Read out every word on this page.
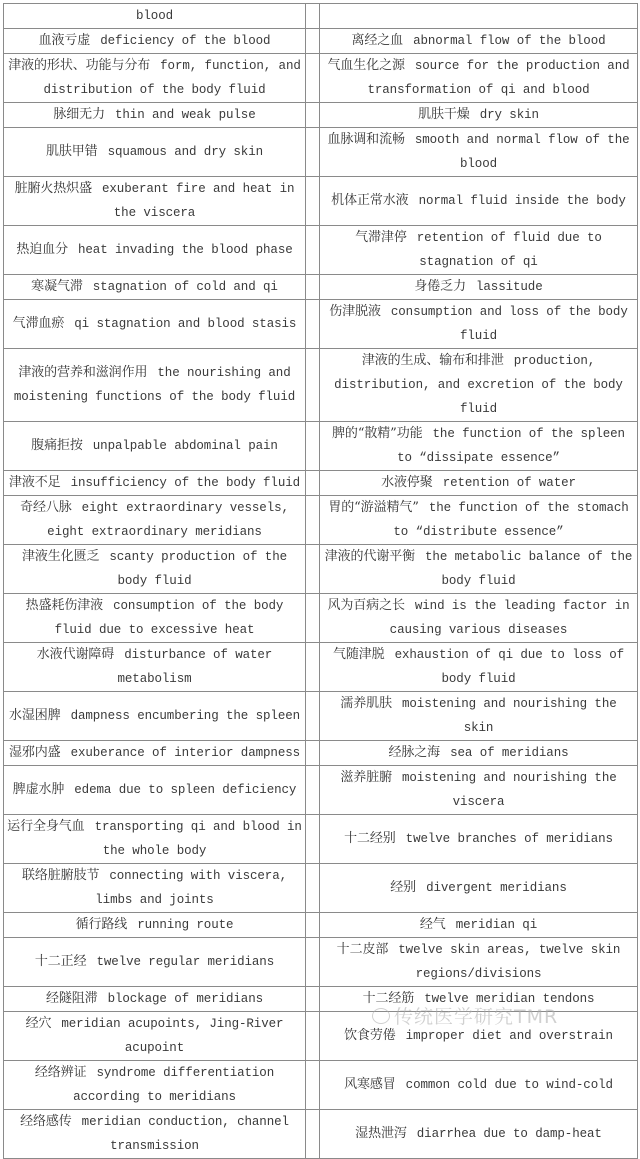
blood		
血液亏虚 deficiency of the blood		离经之血 abnormal flow of the blood
津液的形状、功能与分布 form, function, and distribution of the body fluid		气血生化之源 source for the production and transformation of qi and blood
脉细无力 thin and weak pulse		肌肤干燥 dry skin
肌肤甲错 squamous and dry skin		血脉调和流畅 smooth and normal flow of the blood
脏腑火热炽盛 exuberant fire and heat in the viscera		机体正常水液 normal fluid inside the body
热迫血分 heat invading the blood phase		气滞津停 retention of fluid due to stagnation of qi
寒凝气滞 stagnation of cold and qi		身倦乏力 lassitude
气滞血瘀 qi stagnation and blood stasis		伤津脱液 consumption and loss of the body fluid
津液的营养和滋润作用 the nourishing and moistening functions of the body fluid		津液的生成、输布和排泄 production, distribution, and excretion of the body fluid
腹痛拒按 unpalpable abdominal pain		脾的“散精”功能 the function of the spleen to “dissipate essence”
津液不足 insufficiency of the body fluid		水液停聚 retention of water
奇经八脉 eight extraordinary vessels, eight extraordinary meridians		胃的“游溢精气” the function of the stomach to “distribute essence”
津液生化匮乏 scanty production of the body fluid		津液的代谢平衡 the metabolic balance of the body fluid
热盛耗伤津液 consumption of the body fluid due to excessive heat		风为百病之长 wind is the leading factor in causing various diseases
水液代谢障碍 disturbance of water metabolism		气随津脱 exhaustion of qi due to loss of body fluid
水湿困脾 dampness encumbering the spleen		濡养肌肤 moistening and nourishing the skin
湿邪内盛 exuberance of interior dampness		经脉之海 sea of meridians
脾虚水肿 edema due to spleen deficiency		滋养脏腑 moistening and nourishing the viscera
运行全身气血 transporting qi and blood in the whole body		十二经别 twelve branches of meridians
联络脏腑肢节 connecting with viscera, limbs and joints		经别 divergent meridians
循行路线 running route		经气 meridian qi
十二正经 twelve regular meridians		十二皮部 twelve skin areas, twelve skin regions/divisions
经隧阻滞 blockage of meridians		十二经筋 twelve meridian tendons
经穴 meridian acupoints, Jing-River acupoint		饮食劳倦 improper diet and overstrain
经络辨证 syndrome differentiation according to meridians		风寒感冒 common cold due to wind-cold
经络感传 meridian conduction, channel transmission		湿热泄泻 diarrhea due to damp-heat
传统医学研究TMR
